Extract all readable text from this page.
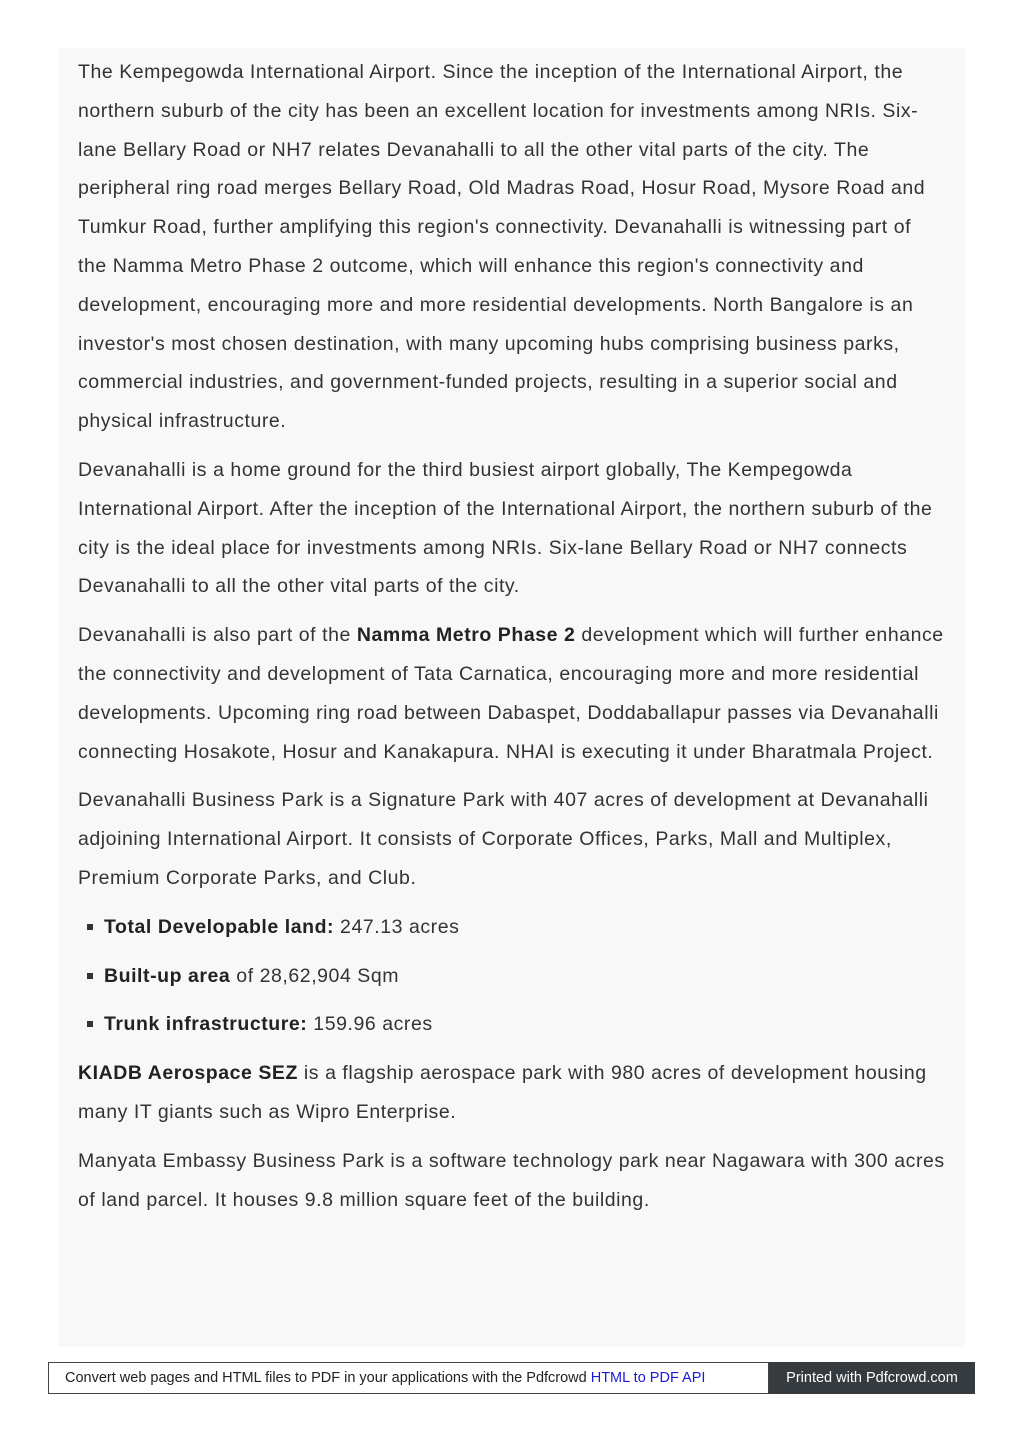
The Kempegowda International Airport. Since the inception of the International Airport, the northern suburb of the city has been an excellent location for investments among NRIs. Six-lane Bellary Road or NH7 relates Devanahalli to all the other vital parts of the city. The peripheral ring road merges Bellary Road, Old Madras Road, Hosur Road, Mysore Road and Tumkur Road, further amplifying this region's connectivity. Devanahalli is witnessing part of the Namma Metro Phase 2 outcome, which will enhance this region's connectivity and development, encouraging more and more residential developments. North Bangalore is an investor's most chosen destination, with many upcoming hubs comprising business parks, commercial industries, and government-funded projects, resulting in a superior social and physical infrastructure.

Devanahalli is a home ground for the third busiest airport globally, The Kempegowda International Airport. After the inception of the International Airport, the northern suburb of the city is the ideal place for investments among NRIs. Six-lane Bellary Road or NH7 connects Devanahalli to all the other vital parts of the city.

Devanahalli is also part of the Namma Metro Phase 2 development which will further enhance the connectivity and development of Tata Carnatica, encouraging more and more residential developments. Upcoming ring road between Dabaspet, Doddaballapur passes via Devanahalli connecting Hosakote, Hosur and Kanakapura. NHAI is executing it under Bharatmala Project.

Devanahalli Business Park is a Signature Park with 407 acres of development at Devanahalli adjoining International Airport. It consists of Corporate Offices, Parks, Mall and Multiplex, Premium Corporate Parks, and Club.

Total Developable land: 247.13 acres
Built-up area of 28,62,904 Sqm
Trunk infrastructure: 159.96 acres

KIADB Aerospace SEZ is a flagship aerospace park with 980 acres of development housing many IT giants such as Wipro Enterprise.

Manyata Embassy Business Park is a software technology park near Nagawara with 300 acres of land parcel. It houses 9.8 million square feet of the building.

Convert web pages and HTML files to PDF in your applications with the Pdfcrowd HTML to PDF API	Printed with Pdfcrowd.com
